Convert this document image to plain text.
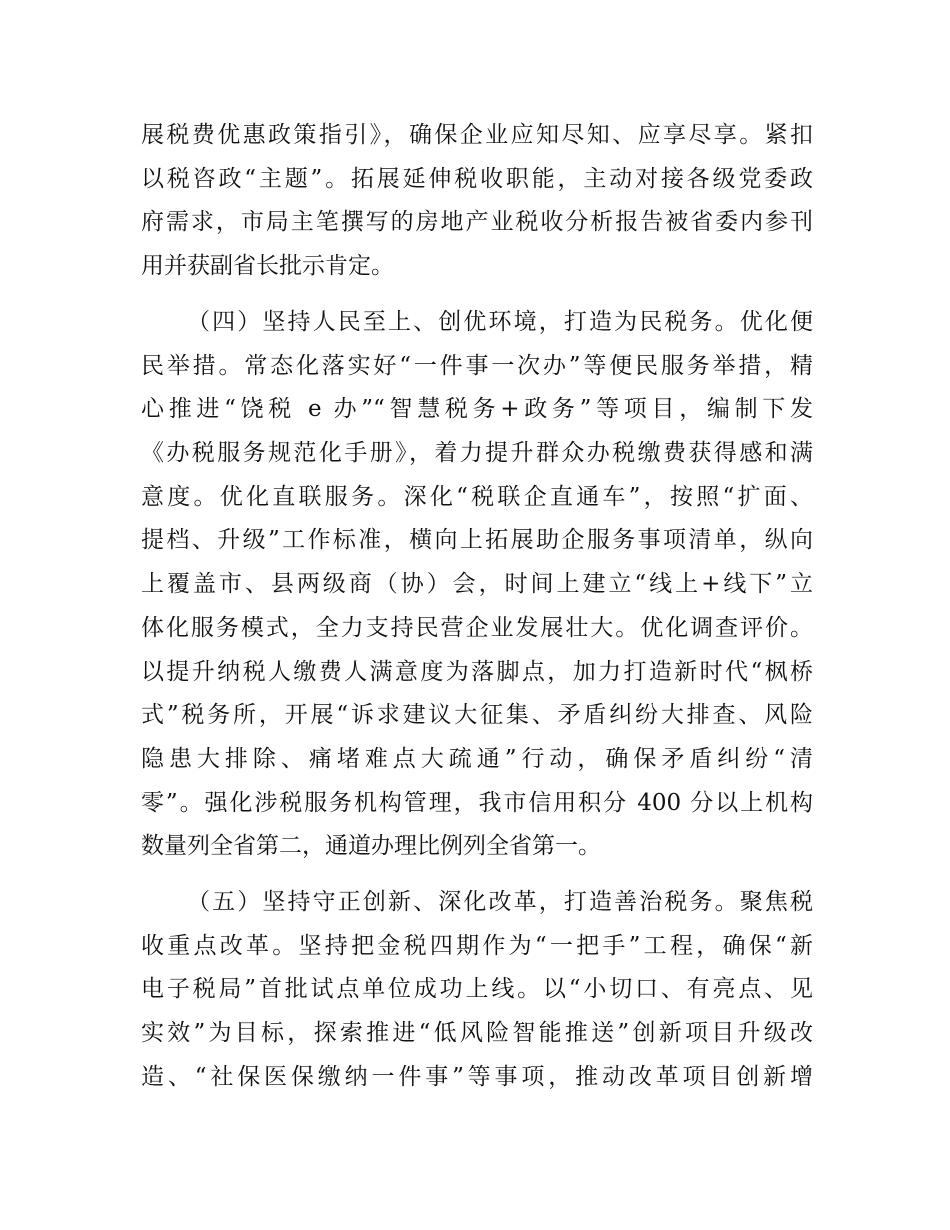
展税费优惠政策指引》，确保企业应知尽知、应享尽享。紧扣
以税咨政“主题”。拓展延伸税收职能，主动对接各级党委政
府需求，市局主笔撰写的房地产业税收分析报告被省委内参刊
用并获副省长批示肯定。
（四）坚持人民至上、创优环境，打造为民税务。优化便
民举措。常态化落实好“一件事一次办”等便民服务举措，精
心推进“饶税 e 办”“智慧税务+政务”等项目，编制下发
《办税服务规范化手册》，着力提升群众办税缴费获得感和满
意度。优化直联服务。深化“税联企直通车”，按照“扩面、
提档、升级”工作标准，横向上拓展助企服务事项清单，纵向
上覆盖市、县两级商（协）会，时间上建立“线上+线下”立
体化服务模式，全力支持民营企业发展壮大。优化调查评价。
以提升纳税人缴费人满意度为落脚点，加力打造新时代“枫桥
式”税务所，开展“诉求建议大征集、矛盾纠纷大排查、风险
隐患大排除、痛堵难点大疏通”行动，确保矛盾纠纷“清
零”。强化涉税服务机构管理，我市信用积分 400 分以上机构
数量列全省第二，通道办理比例列全省第一。
（五）坚持守正创新、深化改革，打造善治税务。聚焦税
收重点改革。坚持把金税四期作为“一把手”工程，确保“新
电子税局”首批试点单位成功上线。以“小切口、有亮点、见
实效”为目标，探索推进“低风险智能推送”创新项目升级改
造、“社保医保缴纳一件事”等事项，推动改革项目创新增
